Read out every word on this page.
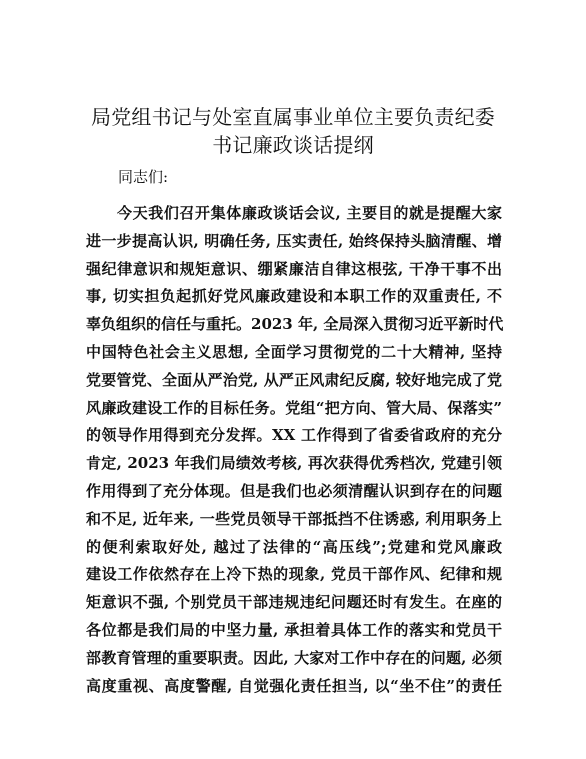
局党组书记与处室直属事业单位主要负责纪委
书记廉政谈话提纲

同志们:

今天我们召开集体廉政谈话会议, 主要目的就是提醒大家
进一步提高认识, 明确任务, 压实责任, 始终保持头脑清醒、增
强纪律意识和规矩意识、绷紧廉洁自律这根弦, 干净干事不出
事, 切实担负起抓好党风廉政建设和本职工作的双重责任, 不
辜负组织的信任与重托。2023 年, 全局深入贯彻习近平新时代
中国特色社会主义思想, 全面学习贯彻党的二十大精神, 坚持
党要管党、全面从严治党, 从严正风肃纪反腐, 较好地完成了党
风廉政建设工作的目标任务。党组“把方向、管大局、保落实”
的领导作用得到充分发挥。XX 工作得到了省委省政府的充分
肯定, 2023 年我们局绩效考核, 再次获得优秀档次, 党建引领
作用得到了充分体现。但是我们也必须清醒认识到存在的问题
和不足, 近年来, 一些党员领导干部抵挡不住诱惑, 利用职务上
的便利索取好处, 越过了法律的“高压线”;党建和党风廉政
建设工作依然存在上冷下热的现象, 党员干部作风、纪律和规
矩意识不强, 个别党员干部违规违纪问题还时有发生。在座的
各位都是我们局的中坚力量, 承担着具体工作的落实和党员干
部教育管理的重要职责。因此, 大家对工作中存在的问题, 必须
高度重视、高度警醒, 自觉强化责任担当, 以“坐不住”的责任
